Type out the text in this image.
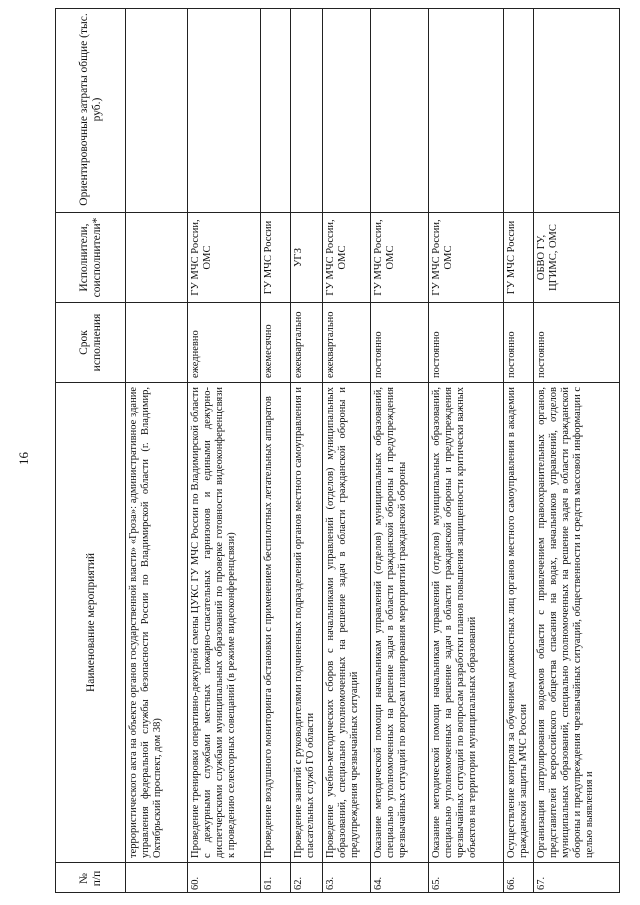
16
№ п/п
Наименование мероприятий
Срок исполнения
Исполнители, соисполнители*
Ориентировочные затраты общие (тыс. руб.)
террористического акта на объекте органов государственной власти» «Гроза»: административное здание управления федеральной службы безопасности России по Владимирской области (г. Владимир, Октябрьский проспект, дом 38)
60.
Проведение тренировки оперативно-дежурной смены ЦУКС ГУ МЧС России по Владимирской области с дежурными службами местных пожарно-спасательных гарнизонов и едиными дежурно-диспетчерскими службами муниципальных образований по проверке готовности видеоконференцсвязи к проведению селекторных совещаний (в режиме видеоконференцсвязи)
ежедневно
ГУ МЧС России, ОМС
61.
Проведение воздушного мониторинга обстановки с применением беспилотных летательных аппаратов
ежемесячно
ГУ МЧС России
62.
Проведение занятий с руководителями подчиненных подразделений органов местного самоуправления и спасательных служб ГО области
ежеквартально
УГЗ
63.
Проведение учебно-методических сборов с начальниками управлений (отделов) муниципальных образований, специально уполномоченных на решение задач в области гражданской обороны и предупреждения чрезвычайных ситуаций
ежеквартально
ГУ МЧС России, ОМС
64.
Оказание методической помощи начальникам управлений (отделов) муниципальных образований, специально уполномоченных на решение задач в области гражданской обороны и предупреждения чрезвычайных ситуаций по вопросам планирования мероприятий гражданской обороны
постоянно
ГУ МЧС России, ОМС
65.
Оказание методической помощи начальникам управлений (отделов) муниципальных образований, специально уполномоченных на решение задач в области гражданской обороны и предупреждения чрезвычайных ситуаций по вопросам разработки планов повышения защищенности критически важных объектов на территории муниципальных образований
постоянно
ГУ МЧС России, ОМС
66.
Осуществление контроля за обучением должностных лиц органов местного самоуправления в академии гражданской защиты МЧС России
постоянно
ГУ МЧС России
67.
Организация патрулирования водоемов области с привлечением правоохранительных органов, представителей всероссийского общества спасания на водах, начальников управлений, отделов муниципальных образований, специально уполномоченных на решение задач в области гражданской обороны и предупреждения чрезвычайных ситуаций, общественности и средств массовой информации с целью выявления и
постоянно
ОБВО ГУ, ЦГИМС, ОМС
